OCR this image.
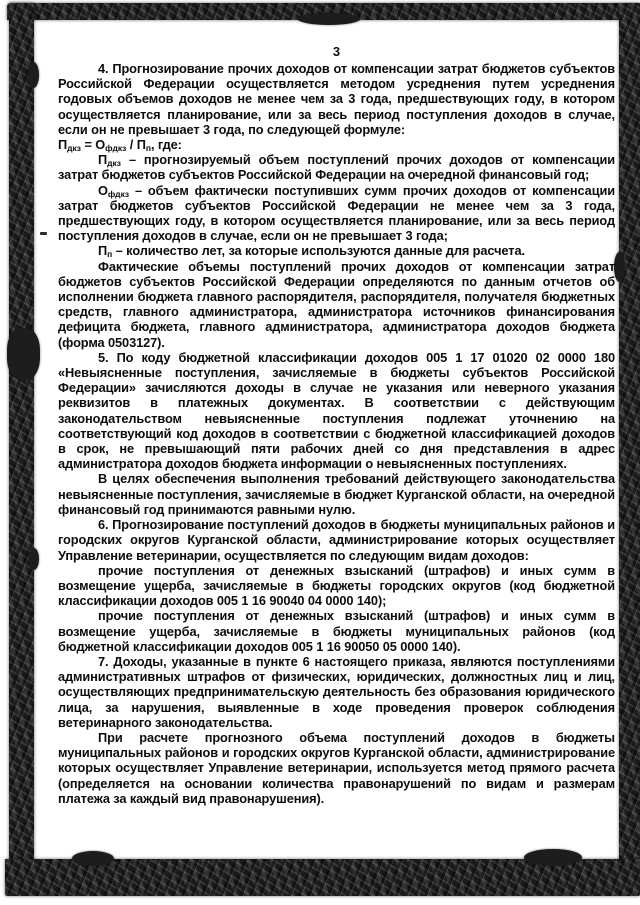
3

4. Прогнозирование прочих доходов от компенсации затрат бюджетов субъектов Российской Федерации осуществляется методом усреднения путем усреднения годовых объемов доходов не менее чем за 3 года, предшествующих году, в котором осуществляется планирование, или за весь период поступления доходов в случае, если он не превышает 3 года, по следующей формуле:

$П_{дкз} = О_{фдкз} / П_п$, где:

$П_{дкз}$ – прогнозируемый объем поступлений прочих доходов от компенсации затрат бюджетов субъектов Российской Федерации на очередной финансовый год;

$О_{фдкз}$ – объем фактически поступивших сумм прочих доходов от компенсации затрат бюджетов субъектов Российской Федерации не менее чем за 3 года, предшествующих году, в котором осуществляется планирование, или за весь период поступления доходов в случае, если он не превышает 3 года;

$П_п$ – количество лет, за которые используются данные для расчета.

Фактические объемы поступлений прочих доходов от компенсации затрат бюджетов субъектов Российской Федерации определяются по данным отчетов об исполнении бюджета главного распорядителя, распорядителя, получателя бюджетных средств, главного администратора, администратора источников финансирования дефицита бюджета, главного администратора, администратора доходов бюджета (форма 0503127).

5. По коду бюджетной классификации доходов 005 1 17 01020 02 0000 180 «Невыясненные поступления, зачисляемые в бюджеты субъектов Российской Федерации» зачисляются доходы в случае не указания или неверного указания реквизитов в платежных документах. В соответствии с действующим законодательством невыясненные поступления подлежат уточнению на соответствующий код доходов в соответствии с бюджетной классификацией доходов в срок, не превышающий пяти рабочих дней со дня представления в адрес администратора доходов бюджета информации о невыясненных поступлениях.

В целях обеспечения выполнения требований действующего законодательства невыясненные поступления, зачисляемые в бюджет Курганской области, на очередной финансовый год принимаются равными нулю.

6. Прогнозирование поступлений доходов в бюджеты муниципальных районов и городских округов Курганской области, администрирование которых осуществляет Управление ветеринарии, осуществляется по следующим видам доходов:

прочие поступления от денежных взысканий (штрафов) и иных сумм в возмещение ущерба, зачисляемые в бюджеты городских округов (код бюджетной классификации доходов 005 1 16 90040 04 0000 140);

прочие поступления от денежных взысканий (штрафов) и иных сумм в возмещение ущерба, зачисляемые в бюджеты муниципальных районов (код бюджетной классификации доходов 005 1 16 90050 05 0000 140).

7. Доходы, указанные в пункте 6 настоящего приказа, являются поступлениями административных штрафов от физических, юридических, должностных лиц и лиц, осуществляющих предпринимательскую деятельность без образования юридического лица, за нарушения, выявленные в ходе проведения проверок соблюдения ветеринарного законодательства.

При расчете прогнозного объема поступлений доходов в бюджеты муниципальных районов и городских округов Курганской области, администрирование которых осуществляет Управление ветеринарии, используется метод прямого расчета (определяется на основании количества правонарушений по видам и размерам платежа за каждый вид правонарушения).
